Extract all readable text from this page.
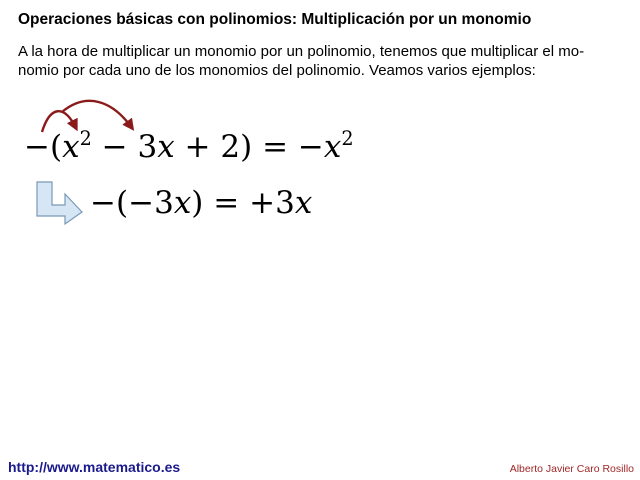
Operaciones básicas con polinomios: Multiplicación por un monomio

A la hora de multiplicar un monomio por un polinomio, tenemos que multiplicar el mo-
nomio por cada uno de los monomios del polinomio. Veamos varios ejemplos:

$-(x^2 - 3x + 2) = -x^2$
−(−3x) = +3x
http://www.matematico.es	Alberto Javier Caro Rosillo
